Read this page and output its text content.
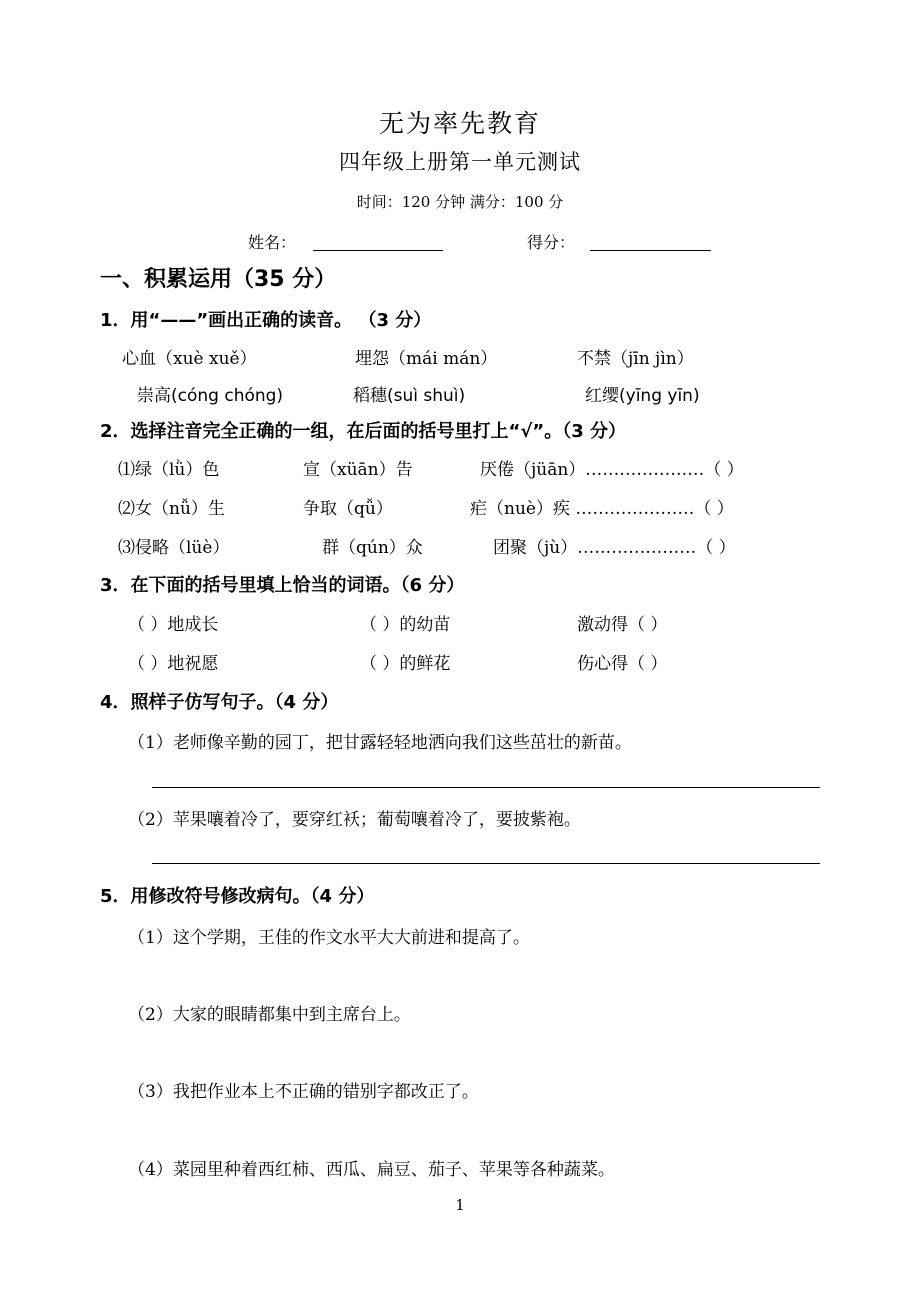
无为率先教育
四年级上册第一单元测试
时间：120 分钟 满分：100 分
姓名：	得分：
一、积累运用（35 分）
1．用“——”画出正确的读音。 （3 分）
心血（xuè xuě）	埋怨（mái mán）	不禁（jīn jìn）
崇高(cóng chóng)	稻穗(suì shuì)	红缨(yīng yīn)
2．选择注音完全正确的一组，在后面的括号里打上“√”。（3 分）
⑴绿（lǜ）色	宣（xüān）告	厌倦（jüān）…………………（ ）
⑵女（nǚ）生	争取（qǚ）	疟（nuè）疾 …………………（ ）
⑶侵略（lüè）	群（qún）众	团聚（jù）…………………（ ）
3．在下面的括号里填上恰当的词语。（6 分）
（ ）地成长	（ ）的幼苗	激动得（ ）
（ ）地祝愿	（ ）的鲜花	伤心得（ ）
4．照样子仿写句子。（4 分）
（1）老师像辛勤的园丁，把甘露轻轻地洒向我们这些茁壮的新苗。
（2）苹果嚷着冷了，要穿红袄；葡萄嚷着冷了，要披紫袍。
5．用修改符号修改病句。（4 分）
（1）这个学期，王佳的作文水平大大前进和提高了。
（2）大家的眼睛都集中到主席台上。
（3）我把作业本上不正确的错别字都改正了。
（4）菜园里种着西红柿、西瓜、扁豆、茄子、苹果等各种蔬菜。
1
